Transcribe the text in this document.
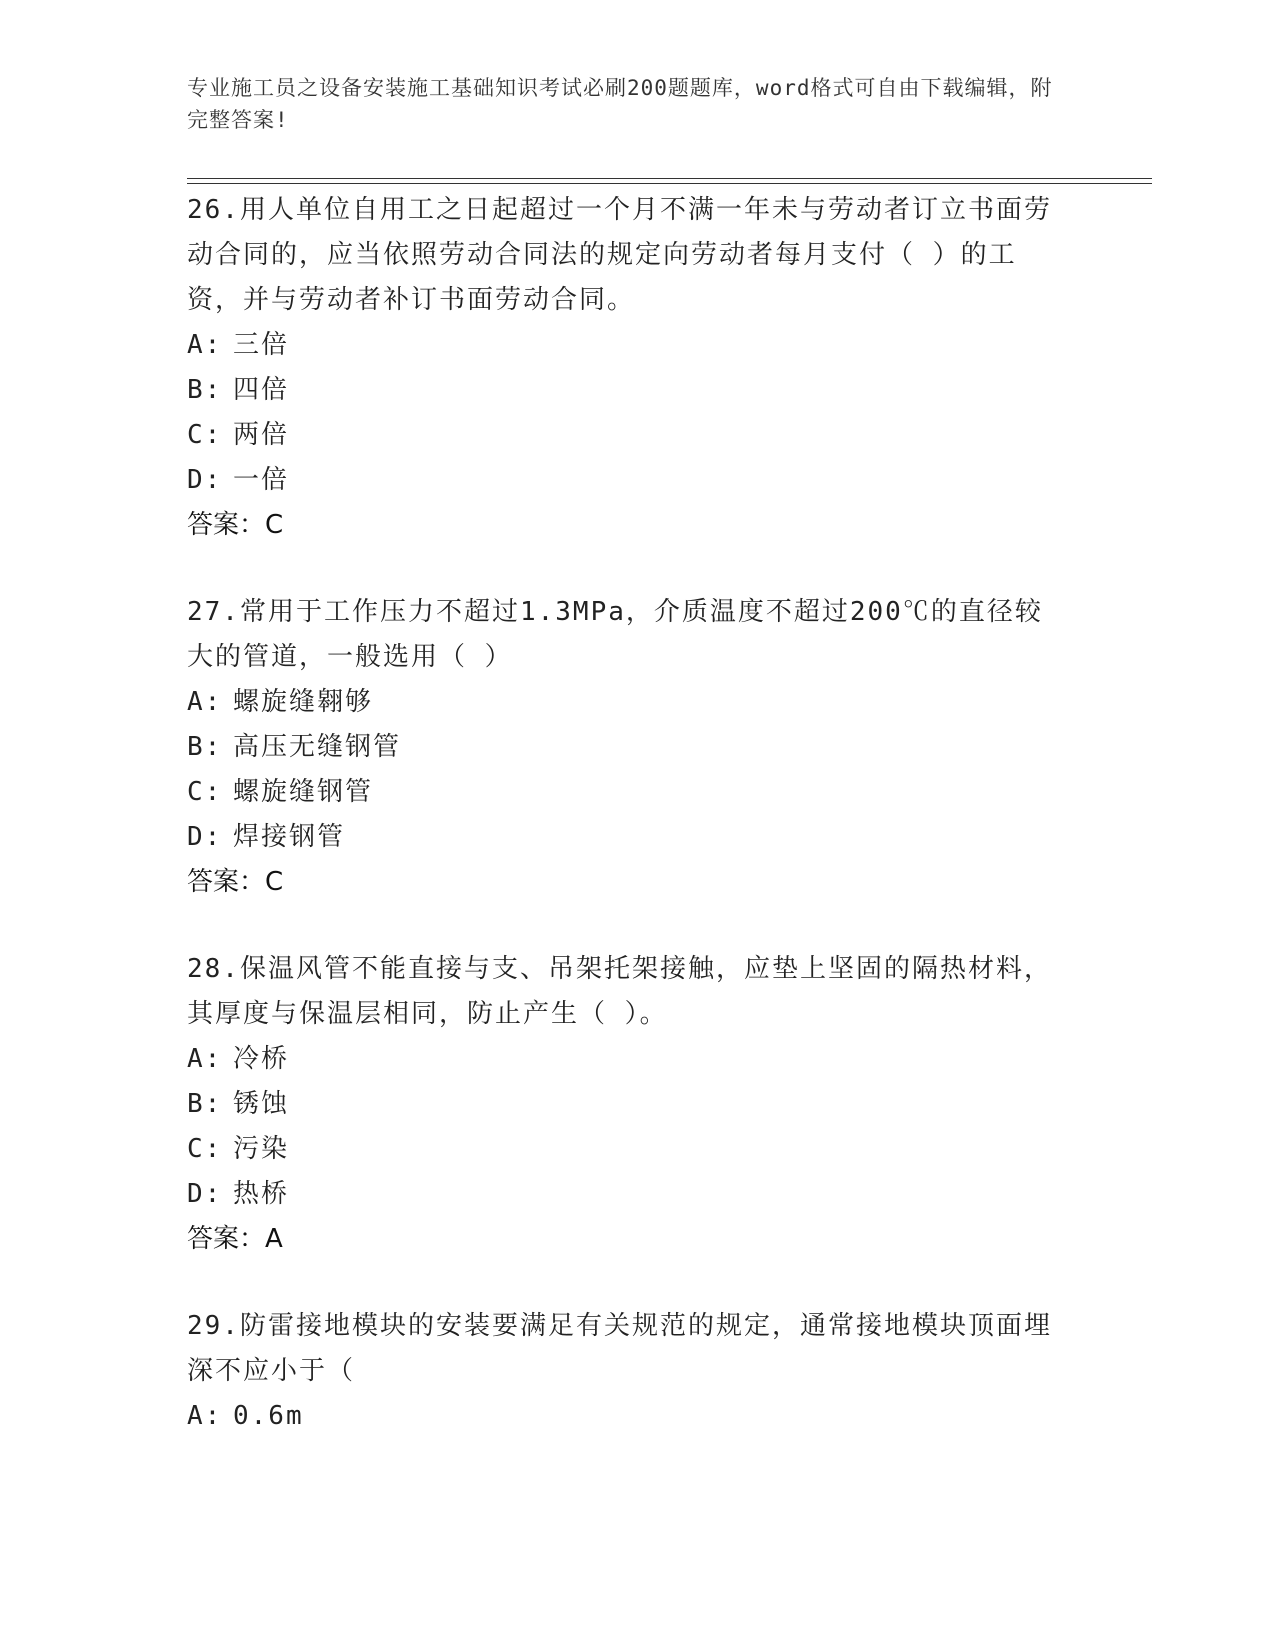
专业施工员之设备安装施工基础知识考试必刷200题题库，word格式可自由下载编辑，附完整答案!
26.用人单位自用工之日起超过一个月不满一年未与劳动者订立书面劳动合同的，应当依照劳动合同法的规定向劳动者每月支付（ ）的工资，并与劳动者补订书面劳动合同。
A: 三倍
B: 四倍
C: 两倍
D: 一倍
答案：C
27.常用于工作压力不超过1.3MPa，介质温度不超过200℃的直径较大的管道，一般选用（ ）
A: 螺旋缝翱够
B: 高压无缝钢管
C: 螺旋缝钢管
D: 焊接钢管
答案：C
28.保温风管不能直接与支、吊架托架接触，应垫上坚固的隔热材料，其厚度与保温层相同，防止产生（ ）。
A: 冷桥
B: 锈蚀
C: 污染
D: 热桥
答案：A
29.防雷接地模块的安装要满足有关规范的规定，通常接地模块顶面埋深不应小于（
A: 0.6m
